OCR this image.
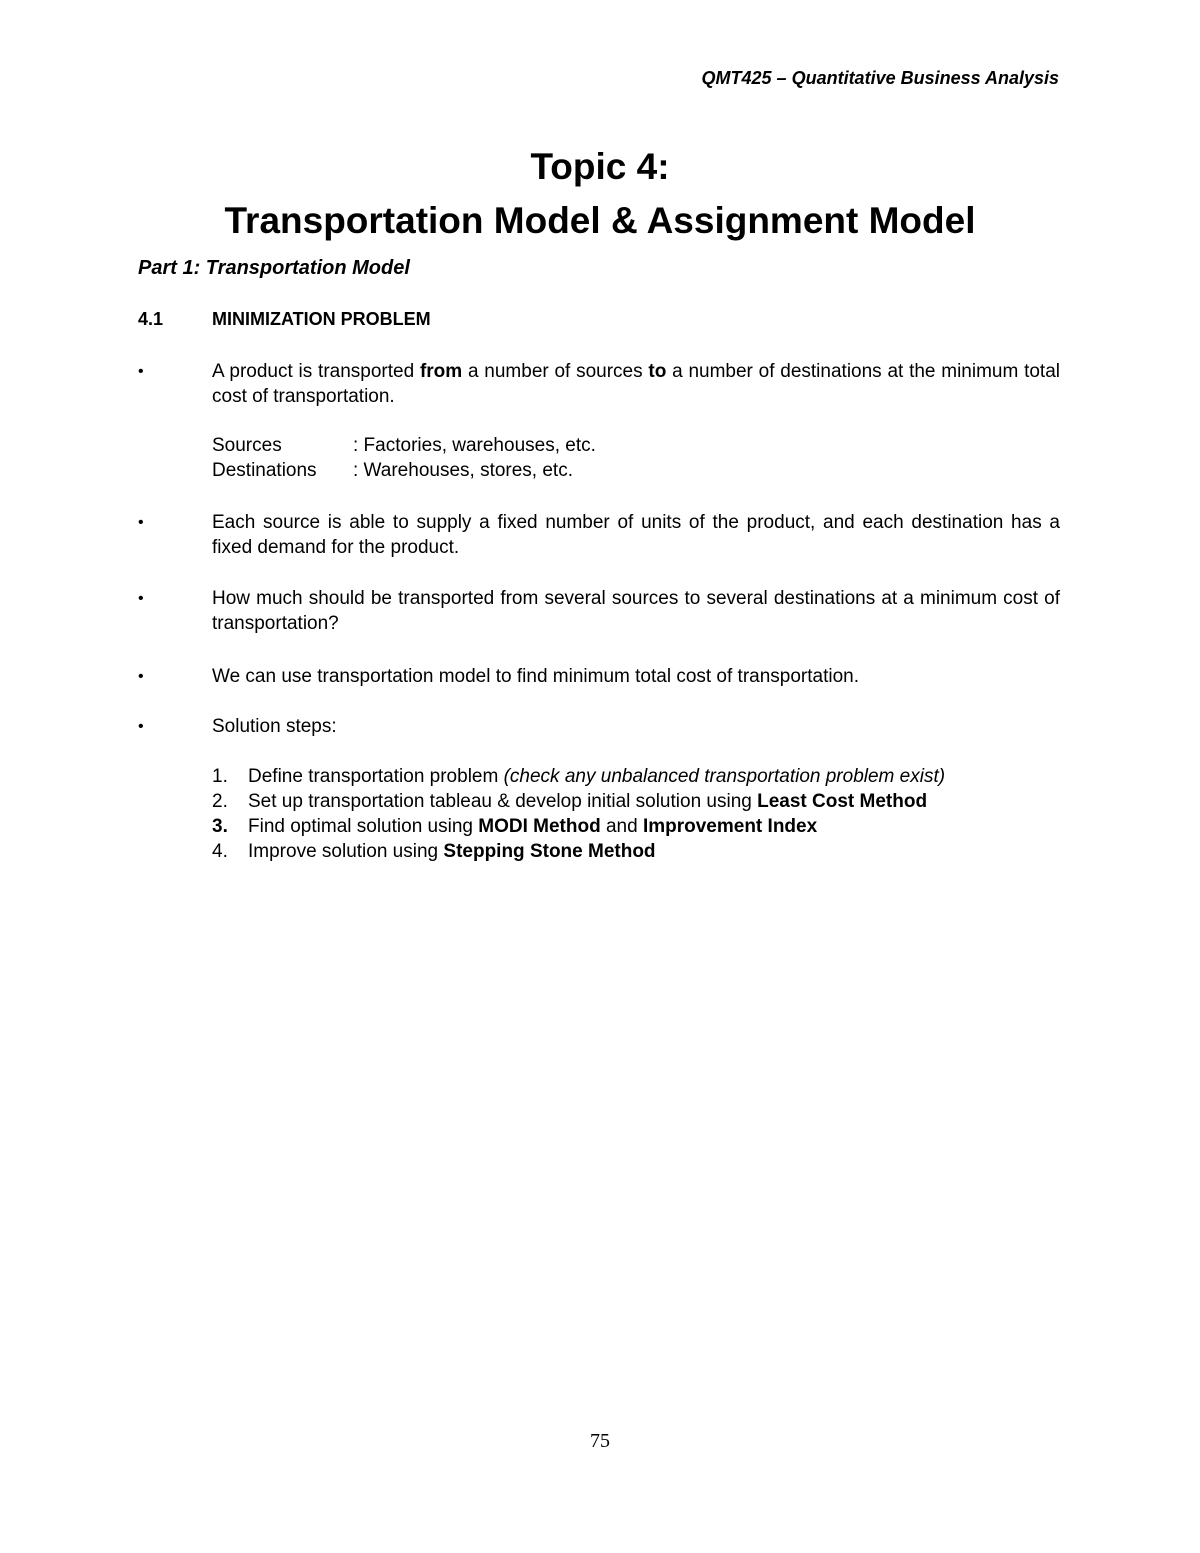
QMT425 – Quantitative Business Analysis
Topic 4:
Transportation Model & Assignment Model
Part 1: Transportation Model
4.1	MINIMIZATION PROBLEM
•	A product is transported from a number of sources to a number of destinations at the minimum total cost of transportation.
Sources	: Factories, warehouses, etc.
Destinations : Warehouses, stores, etc.
•	Each source is able to supply a fixed number of units of the product, and each destination has a fixed demand for the product.
•	How much should be transported from several sources to several destinations at a minimum cost of transportation?
•	We can use transportation model to find minimum total cost of transportation.
•	Solution steps:
1. Define transportation problem (check any unbalanced transportation problem exist)
2. Set up transportation tableau & develop initial solution using Least Cost Method
3. Find optimal solution using MODI Method and Improvement Index
4. Improve solution using Stepping Stone Method
75
